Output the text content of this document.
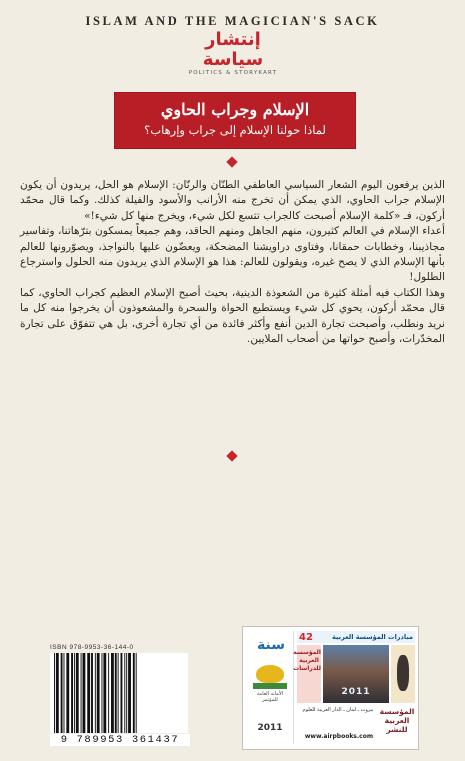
ISLAM AND THE MAGICIAN'S SACK
إنتشار سياسة
POLITICS & STORYKART
الإسلام وجراب الحاوي
لماذا حولنا الإسلام إلى جراب وإرهاب؟

الذين يرفعون اليوم الشعار السياسي العاطفي الطنّان والرنّان: الإسلام هو الحل، يريدون أن يكون الإسلام جراب الحاوي، الذي يمكن أن تخرج منه الأرانب والأسود والفيلة كذلك. وكما قال محمّد أركون، فـ «كلمة الإسلام أصبحت كالجراب تتسع لكل شيء، ويخرج منها كل شيء!»

أعداء الإسلام في العالم كثيرون، منهم الجاهل ومنهم الحاقد، وهم جميعاً يمسكون بترّهاتنا، وتفاسير مجاذيبنا، وخطابات حمقانا، وفتاوى دراويشنا المضحكة، ويعضّون عليها بالنواجذ، ويصوّرونها للعالم بأنها الإسلام الذي لا يصح غيره، ويقولون للعالم: هذا هو الإسلام الذي يريدون منه الحلول واسترجاع الطلول!

وهذا الكتاب فيه أمثلة كثيرة من الشعوذة الدينية، بحيث أصبح الإسلام العظيم كجراب الحاوي، كما قال محمّد أركون، يحوي كل شيء ويستطيع الحواة والسحرة والمشعوذون أن يخرجوا منه كل ما نريد ونطلب، وأصبحت تجارة الدين أنفع وأكثر فائدة من أي تجارة أخرى، بل هي تتفوّق على تجارة المخدّرات، وأصبح حواتها من أصحاب الملايين.

ISBN 978-9953-36-144-0
9 789953 361437
سنة
الأمانة العامة للمؤتمر
2011
مبادرات المؤسسة العربية
42
المؤسسة العربية للدراسات
2011
بيروت ـ لبنان ـ الدار العربية للعلوم المؤسسة العربية للنشر
www.airpbooks.com
